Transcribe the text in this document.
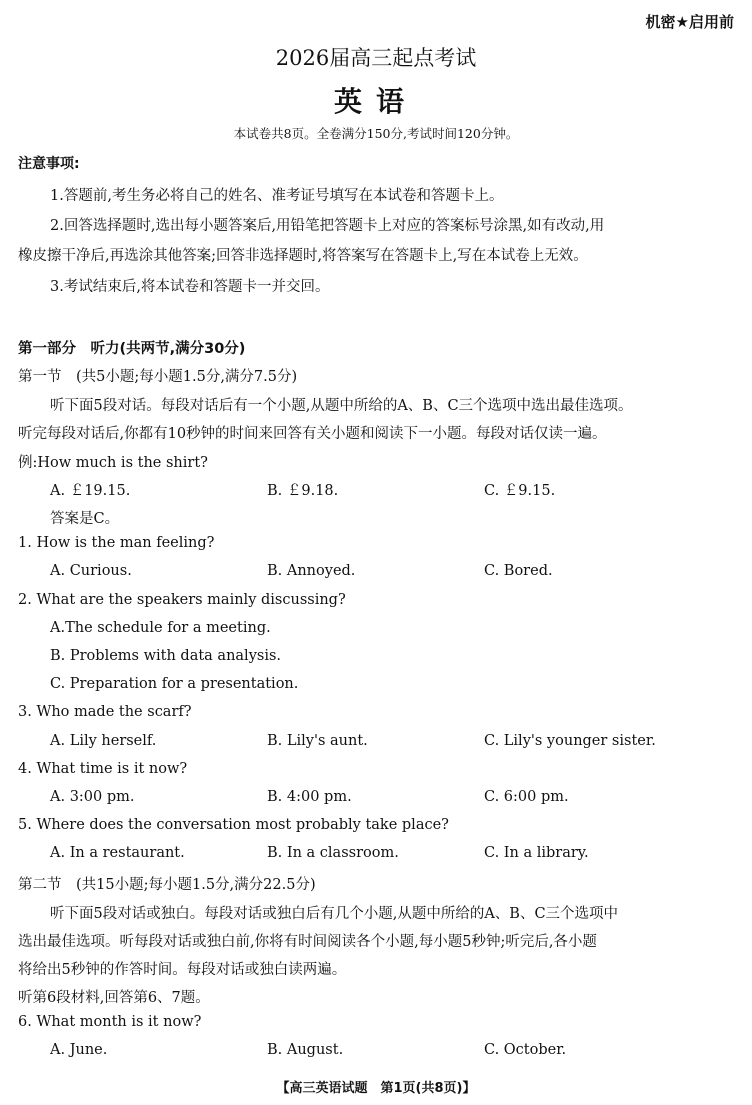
机密★启用前
2026届高三起点考试
英语
本试卷共8页。全卷满分150分,考试时间120分钟。
注意事项:
1.答题前,考生务必将自己的姓名、准考证号填写在本试卷和答题卡上。
2.回答选择题时,选出每小题答案后,用铅笔把答题卡上对应的答案标号涂黑,如有改动,用
橡皮擦干净后,再选涂其他答案;回答非选择题时,将答案写在答题卡上,写在本试卷上无效。
3.考试结束后,将本试卷和答题卡一并交回。
第一部分　听力(共两节,满分30分)
第一节　(共5小题;每小题1.5分,满分7.5分)
听下面5段对话。每段对话后有一个小题,从题中所给的A、B、C三个选项中选出最佳选项。
听完每段对话后,你都有10秒钟的时间来回答有关小题和阅读下一小题。每段对话仅读一遍。
例:How much is the shirt?
A. ￡19.15.	B. ￡9.18.	C. ￡9.15.
答案是C。
1. How is the man feeling?
A. Curious.	B. Annoyed.	C. Bored.
2. What are the speakers mainly discussing?
A.The schedule for a meeting.
B. Problems with data analysis.
C. Preparation for a presentation.
3. Who made the scarf?
A. Lily herself.	B. Lily's aunt.	C. Lily's younger sister.
4. What time is it now?
A. 3:00 pm.	B. 4:00 pm.	C. 6:00 pm.
5. Where does the conversation most probably take place?
A. In a restaurant.	B. In a classroom.	C. In a library.
第二节　(共15小题;每小题1.5分,满分22.5分)
听下面5段对话或独白。每段对话或独白后有几个小题,从题中所给的A、B、C三个选项中
选出最佳选项。听每段对话或独白前,你将有时间阅读各个小题,每小题5秒钟;听完后,各小题
将给出5秒钟的作答时间。每段对话或独白读两遍。
听第6段材料,回答第6、7题。
6. What month is it now?
A. June.	B. August.	C. October.
【高三英语试题　第1页(共8页)】
